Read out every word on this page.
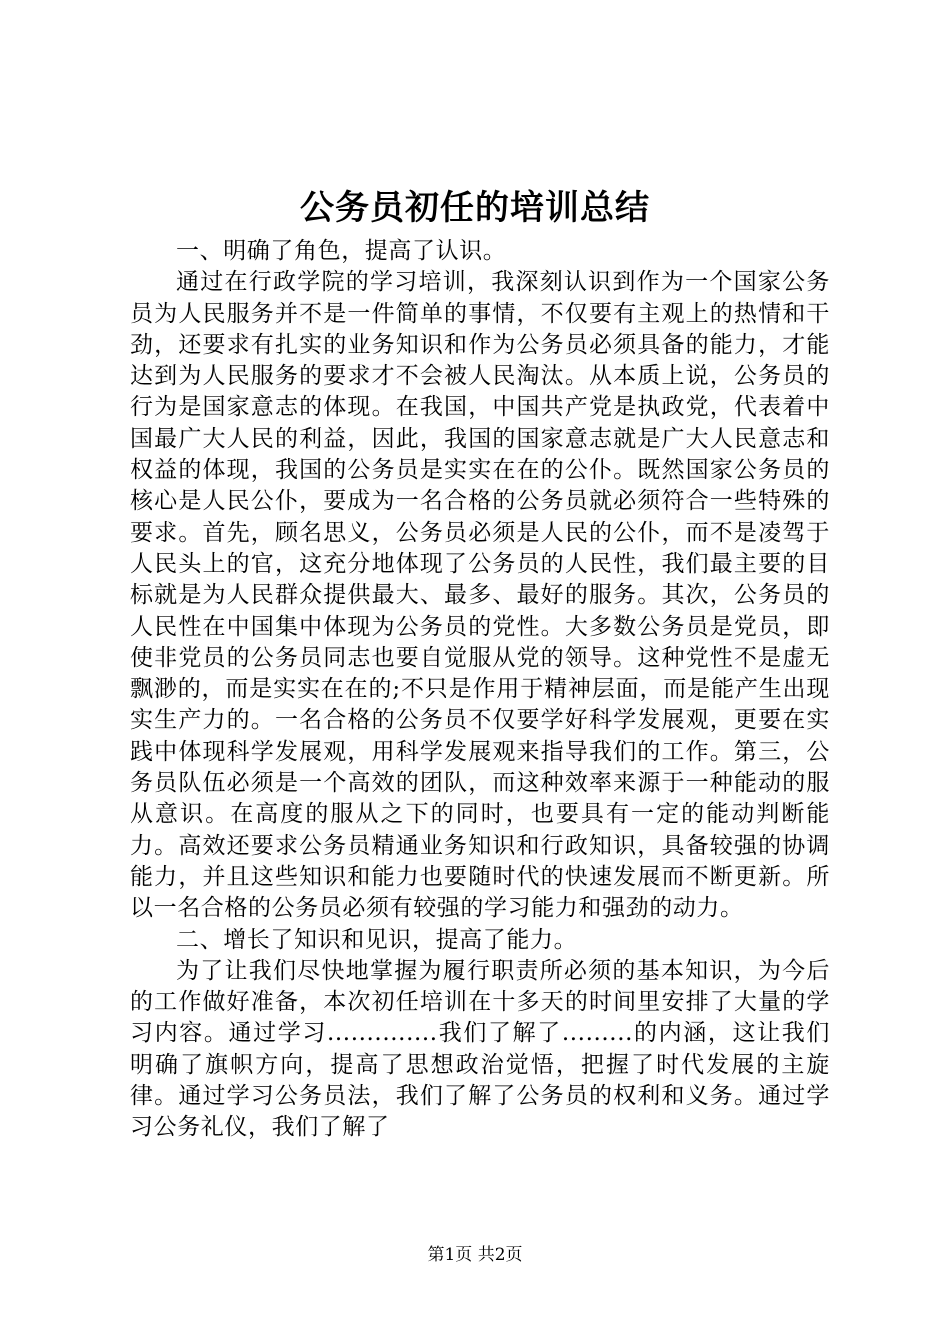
公务员初任的培训总结

一、明确了角色，提高了认识。

通过在行政学院的学习培训，我深刻认识到作为一个国家公务员为人民服务并不是一件简单的事情，不仅要有主观上的热情和干劲，还要求有扎实的业务知识和作为公务员必须具备的能力，才能达到为人民服务的要求才不会被人民淘汰。从本质上说，公务员的行为是国家意志的体现。在我国，中国共产党是执政党，代表着中国最广大人民的利益，因此，我国的国家意志就是广大人民意志和权益的体现，我国的公务员是实实在在的公仆。既然国家公务员的核心是人民公仆，要成为一名合格的公务员就必须符合一些特殊的要求。首先，顾名思义，公务员必须是人民的公仆，而不是凌驾于人民头上的官，这充分地体现了公务员的人民性，我们最主要的目标就是为人民群众提供最大、最多、最好的服务。其次，公务员的人民性在中国集中体现为公务员的党性。大多数公务员是党员，即使非党员的公务员同志也要自觉服从党的领导。这种党性不是虚无飘渺的，而是实实在在的;不只是作用于精神层面，而是能产生出现实生产力的。一名合格的公务员不仅要学好科学发展观，更要在实践中体现科学发展观，用科学发展观来指导我们的工作。第三，公务员队伍必须是一个高效的团队，而这种效率来源于一种能动的服从意识。在高度的服从之下的同时，也要具有一定的能动判断能力。高效还要求公务员精通业务知识和行政知识，具备较强的协调能力，并且这些知识和能力也要随时代的快速发展而不断更新。所以一名合格的公务员必须有较强的学习能力和强劲的动力。

二、增长了知识和见识，提高了能力。

为了让我们尽快地掌握为履行职责所必须的基本知识，为今后的工作做好准备，本次初任培训在十多天的时间里安排了大量的学习内容。通过学习..............我们了解了.........的内涵，这让我们明确了旗帜方向，提高了思想政治觉悟，把握了时代发展的主旋律。通过学习公务员法，我们了解了公务员的权利和义务。通过学习公务礼仪，我们了解了

第1页 共2页
